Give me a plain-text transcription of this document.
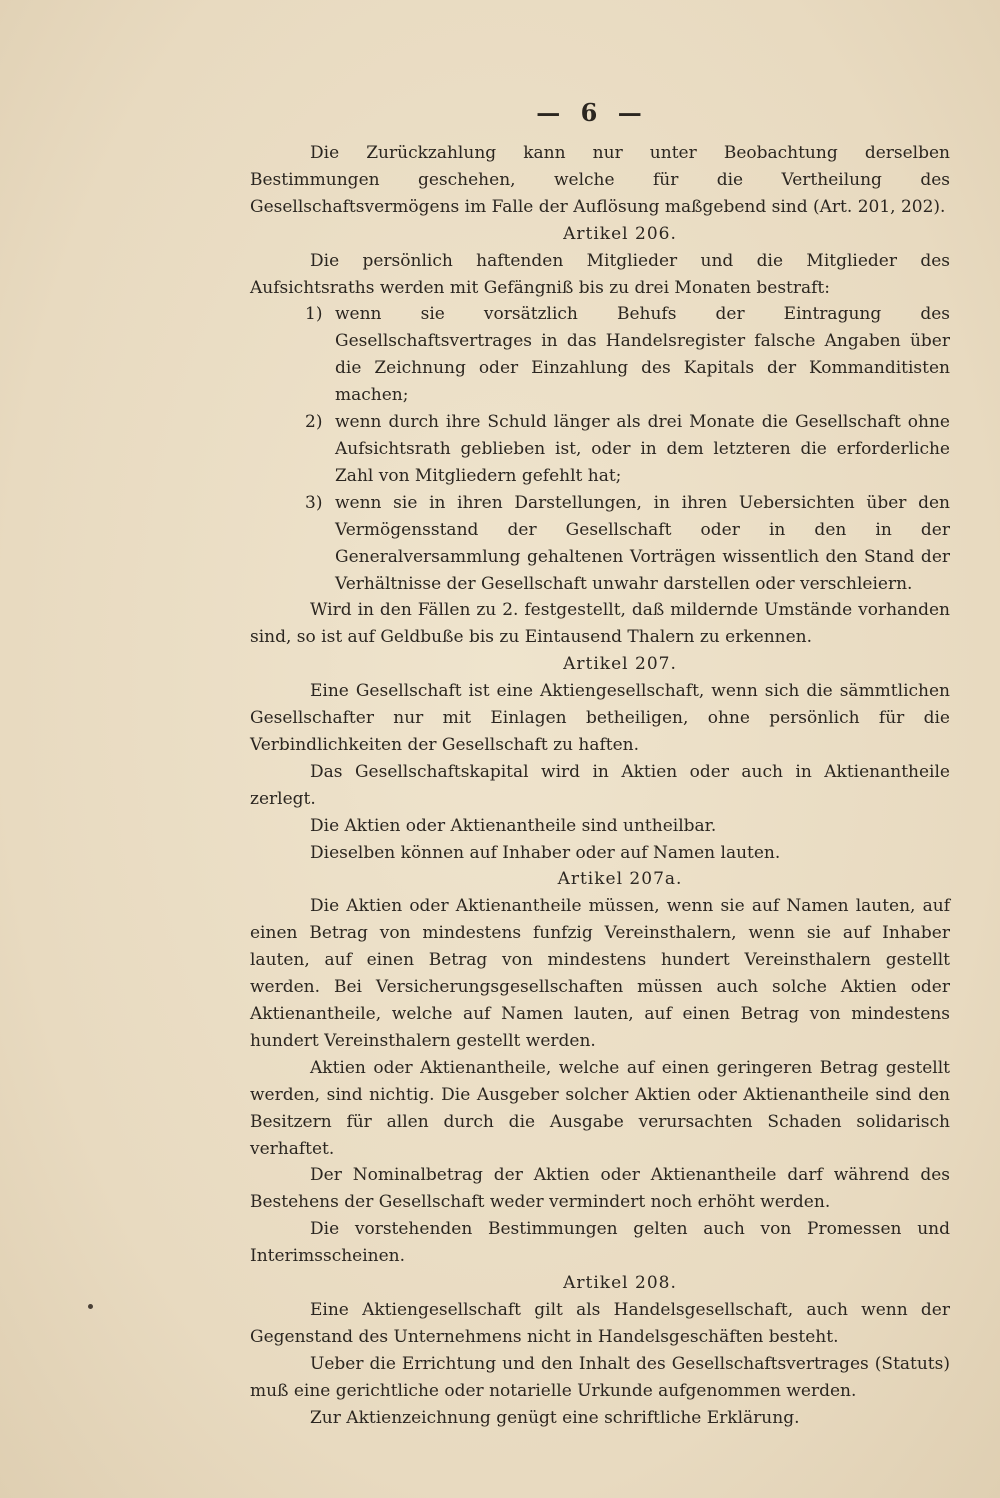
— 6 —

Die Zurückzahlung kann nur unter Beobachtung derselben Bestimmungen geschehen, welche für die Vertheilung des Gesellschaftsvermögens im Falle der Auflösung maßgebend sind (Art. 201, 202).

Artikel 206.

Die persönlich haftenden Mitglieder und die Mitglieder des Aufsichtsraths werden mit Gefängniß bis zu drei Monaten bestraft:

1) wenn sie vorsätzlich Behufs der Eintragung des Gesellschaftsvertrages in das Handelsregister falsche Angaben über die Zeichnung oder Einzahlung des Kapitals der Kommanditisten machen;

2) wenn durch ihre Schuld länger als drei Monate die Gesellschaft ohne Aufsichtsrath geblieben ist, oder in dem letzteren die erforderliche Zahl von Mitgliedern gefehlt hat;

3) wenn sie in ihren Darstellungen, in ihren Uebersichten über den Vermögensstand der Gesellschaft oder in den in der Generalversammlung gehaltenen Vorträgen wissentlich den Stand der Verhältnisse der Gesellschaft unwahr darstellen oder verschleiern.

Wird in den Fällen zu 2. festgestellt, daß mildernde Umstände vorhanden sind, so ist auf Geldbuße bis zu Eintausend Thalern zu erkennen.

Artikel 207.

Eine Gesellschaft ist eine Aktiengesellschaft, wenn sich die sämmtlichen Gesellschafter nur mit Einlagen betheiligen, ohne persönlich für die Verbindlichkeiten der Gesellschaft zu haften.

Das Gesellschaftskapital wird in Aktien oder auch in Aktienantheile zerlegt.

Die Aktien oder Aktienantheile sind untheilbar.

Dieselben können auf Inhaber oder auf Namen lauten.

Artikel 207a.

Die Aktien oder Aktienantheile müssen, wenn sie auf Namen lauten, auf einen Betrag von mindestens funfzig Vereinsthalern, wenn sie auf Inhaber lauten, auf einen Betrag von mindestens hundert Vereinsthalern gestellt werden. Bei Versicherungsgesellschaften müssen auch solche Aktien oder Aktienantheile, welche auf Namen lauten, auf einen Betrag von mindestens hundert Vereinsthalern gestellt werden.

Aktien oder Aktienantheile, welche auf einen geringeren Betrag gestellt werden, sind nichtig. Die Ausgeber solcher Aktien oder Aktienantheile sind den Besitzern für allen durch die Ausgabe verursachten Schaden solidarisch verhaftet.

Der Nominalbetrag der Aktien oder Aktienantheile darf während des Bestehens der Gesellschaft weder vermindert noch erhöht werden.

Die vorstehenden Bestimmungen gelten auch von Promessen und Interimsscheinen.

Artikel 208.

Eine Aktiengesellschaft gilt als Handelsgesellschaft, auch wenn der Gegenstand des Unternehmens nicht in Handelsgeschäften besteht.

Ueber die Errichtung und den Inhalt des Gesellschaftsvertrages (Statuts) muß eine gerichtliche oder notarielle Urkunde aufgenommen werden.

Zur Aktienzeichnung genügt eine schriftliche Erklärung.
